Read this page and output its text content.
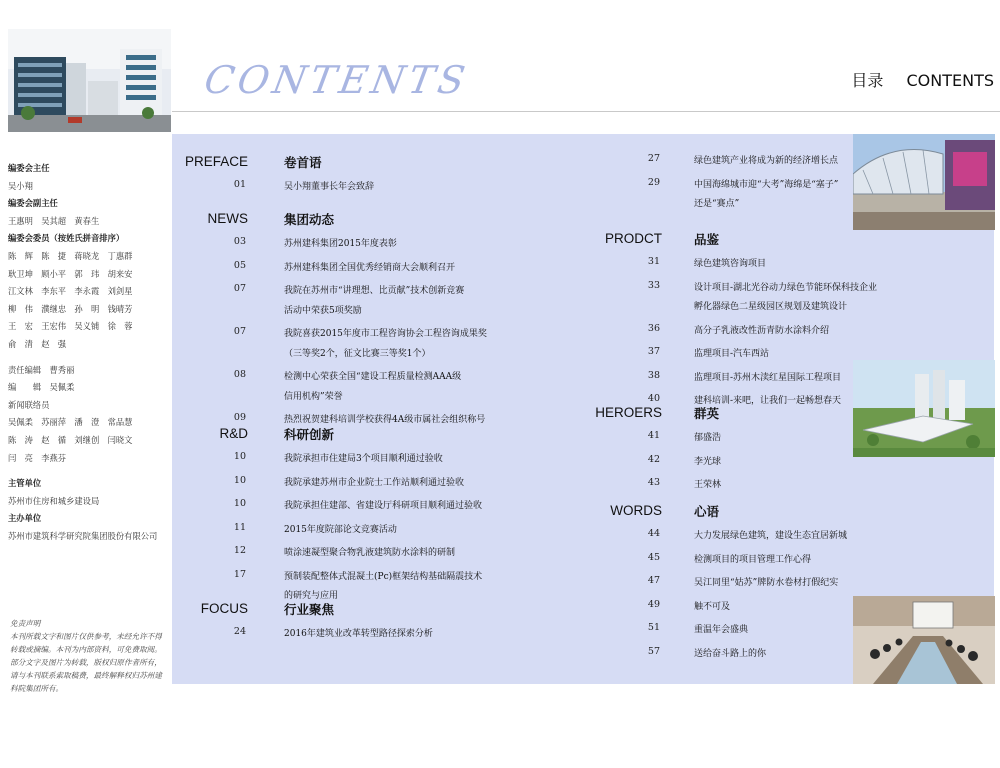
CONTENTS	目录 CONTENTS
编委会主任
吴小翔
编委会副主任
王惠明　吴其超　黄春生
编委会委员（按姓氏拼音排序）
陈　辉　陈　捷　蒋晓龙　丁惠群
耿卫坤　顾小平　郭　玮　胡来安
江文林　李东平　李永霞　刘剑星
柳　伟　濮继忠　孙　明　钱晴芳
王　宏　王宏伟　吴义铺　徐　蓉
俞　清　赵　强
责任编辑　曹秀丽
编　　辑　吴佩柔
新闻联络员
吴佩柔　苏丽萍　潘　澄　常品慧
陈　涛　赵　循　刘继创　闫晓文
闫　亮　李燕芬
主管单位
苏州市住房和城乡建设局
主办单位
苏州市建筑科学研究院集团股份有限公司
免责声明
本刊所载文字和图片仅供参考，未经允许不得转载或摘编。本刊为内部资料，可免费取阅。部分文字及图片为转载，版权归原作者所有，请与本刊联系索取稿费，最终解释权归苏州建科院集团所有。
PREFACE	卷首语
01	吴小翔董事长年会致辞
NEWS	集团动态
03	苏州建科集团2015年度表彰
05	苏州建科集团全国优秀经销商大会顺利召开
07	我院在苏州市“讲理想、比贡献”技术创新竞赛
活动中荣获5项奖励
07	我院喜获2015年度市工程咨询协会工程咨询成果奖
（三等奖2个，征文比赛三等奖1个）
08	检测中心荣获全国“建设工程质量检测AAA级
信用机构”荣誉
09	热烈祝贺建科培训学校获得4A级市属社会组织称号
R&D	科研创新
10	我院承担市住建局3个项目顺利通过验收
10	我院承建苏州市企业院士工作站顺利通过验收
10	我院承担住建部、省建设厅科研项目顺利通过验收
11	2015年度院部论文竞赛活动
12	喷涂速凝型聚合物乳液建筑防水涂料的研制
17	预制装配整体式混凝土(Pc)框架结构基础隔震技术
的研究与应用
FOCUS	行业聚焦
24	2016年建筑业改革转型路径探索分析
27	绿色建筑产业将成为新的经济增长点
29	中国海绵城市迎“大考”海绵是“塞子”
还是“赛点”
PRODCT	品鉴
31	绿色建筑咨询项目
33	设计项目-湖北光谷动力绿色节能环保科技企业
孵化器绿色二星级园区规划及建筑设计
36	高分子乳液改性沥青防水涂料介绍
37	监理项目-汽车西站
38	监理项目-苏州木渎红星国际工程项目
40	建科培训-来吧，让我们一起畅想春天
HEROERS	群英
41	郁盛浩
42	李光球
43	王荣林
WORDS	心语
44	大力发展绿色建筑，建设生态宜居新城
45	检测项目的项目管理工作心得
47	吴江同里“姑苏”牌防水卷材打假纪实
49	触不可及
51	重温年会盛典
57	送给奋斗路上的你
